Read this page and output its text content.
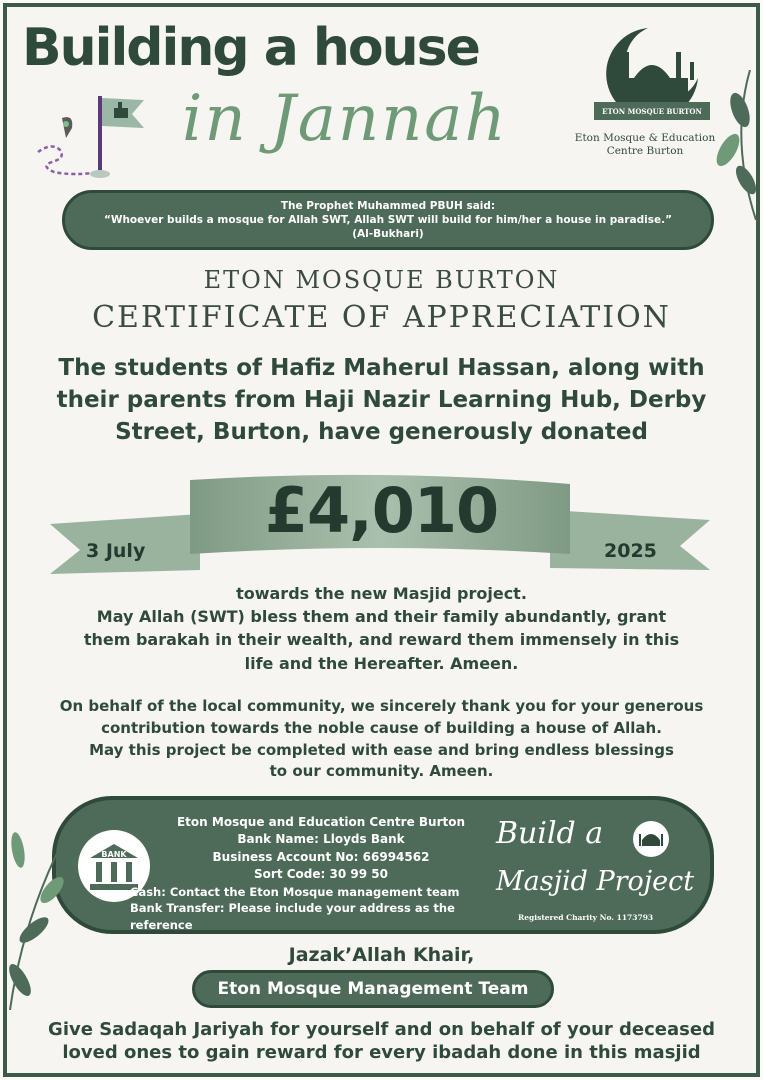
Building a house
in Jannah	ETON MOSQUE BURTON
Eton Mosque & Education
Centre Burton
The Prophet Muhammed PBUH said:
“Whoever builds a mosque for Allah SWT, Allah SWT will build for him/her a house in paradise.”
(Al-Bukhari)
ETON MOSQUE BURTON
CERTIFICATE OF APPRECIATION
The students of Hafiz Maherul Hassan, along with
their parents from Haji Nazir Learning Hub, Derby
Street, Burton, have generously donated
£4,010
3 July	2025
towards the new Masjid project.
May Allah (SWT) bless them and their family abundantly, grant
them barakah in their wealth, and reward them immensely in this
life and the Hereafter. Ameen.
On behalf of the local community, we sincerely thank you for your generous
contribution towards the noble cause of building a house of Allah.
May this project be completed with ease and bring endless blessings
to our community. Ameen.
BANK
Eton Mosque and Education Centre Burton
Bank Name: Lloyds Bank
Business Account No: 66994562
Sort Code: 30 99 50
Cash: Contact the Eton Mosque management team
Bank Transfer: Please include your address as the reference
Build a
Masjid Project
Registered Charity No. 1173793
Jazak’Allah Khair,
Eton Mosque Management Team
Give Sadaqah Jariyah for yourself and on behalf of your deceased
loved ones to gain reward for every ibadah done in this masjid
